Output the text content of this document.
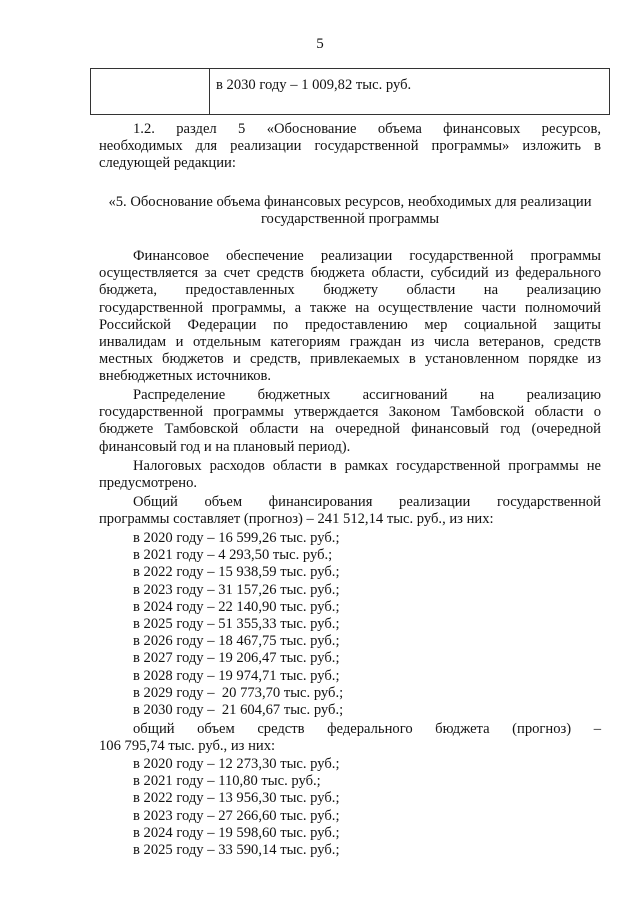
5
	в 2030 году – 1 009,82 тыс. руб.
1.2. раздел 5 «Обоснование объема финансовых ресурсов,
необходимых для реализации государственной программы» изложить в
следующей редакции:
«5. Обоснование объема финансовых ресурсов, необходимых для реализации
государственной программы
Финансовое обеспечение реализации государственной программы
осуществляется за счет средств бюджета области, субсидий из федерального
бюджета, предоставленных бюджету области на реализацию
государственной программы, а также на осуществление части полномочий
Российской Федерации по предоставлению мер социальной защиты
инвалидам и отдельным категориям граждан из числа ветеранов, средств
местных бюджетов и средств, привлекаемых в установленном порядке из
внебюджетных источников.
Распределение бюджетных ассигнований на реализацию
государственной программы утверждается Законом Тамбовской области о
бюджете Тамбовской области на очередной финансовый год (очередной
финансовый год и на плановый период).
Налоговых расходов области в рамках государственной программы не
предусмотрено.
Общий объем финансирования реализации государственной
программы составляет (прогноз) – 241 512,14 тыс. руб., из них:
в 2020 году – 16 599,26 тыс. руб.;
в 2021 году – 4 293,50 тыс. руб.;
в 2022 году – 15 938,59 тыс. руб.;
в 2023 году – 31 157,26 тыс. руб.;
в 2024 году – 22 140,90 тыс. руб.;
в 2025 году – 51 355,33 тыс. руб.;
в 2026 году – 18 467,75 тыс. руб.;
в 2027 году – 19 206,47 тыс. руб.;
в 2028 году – 19 974,71 тыс. руб.;
в 2029 году –  20 773,70 тыс. руб.;
в 2030 году –  21 604,67 тыс. руб.;
общий объем средств федерального бюджета (прогноз) –
106 795,74 тыс. руб., из них:
в 2020 году – 12 273,30 тыс. руб.;
в 2021 году – 110,80 тыс. руб.;
в 2022 году – 13 956,30 тыс. руб.;
в 2023 году – 27 266,60 тыс. руб.;
в 2024 году – 19 598,60 тыс. руб.;
в 2025 году – 33 590,14 тыс. руб.;
